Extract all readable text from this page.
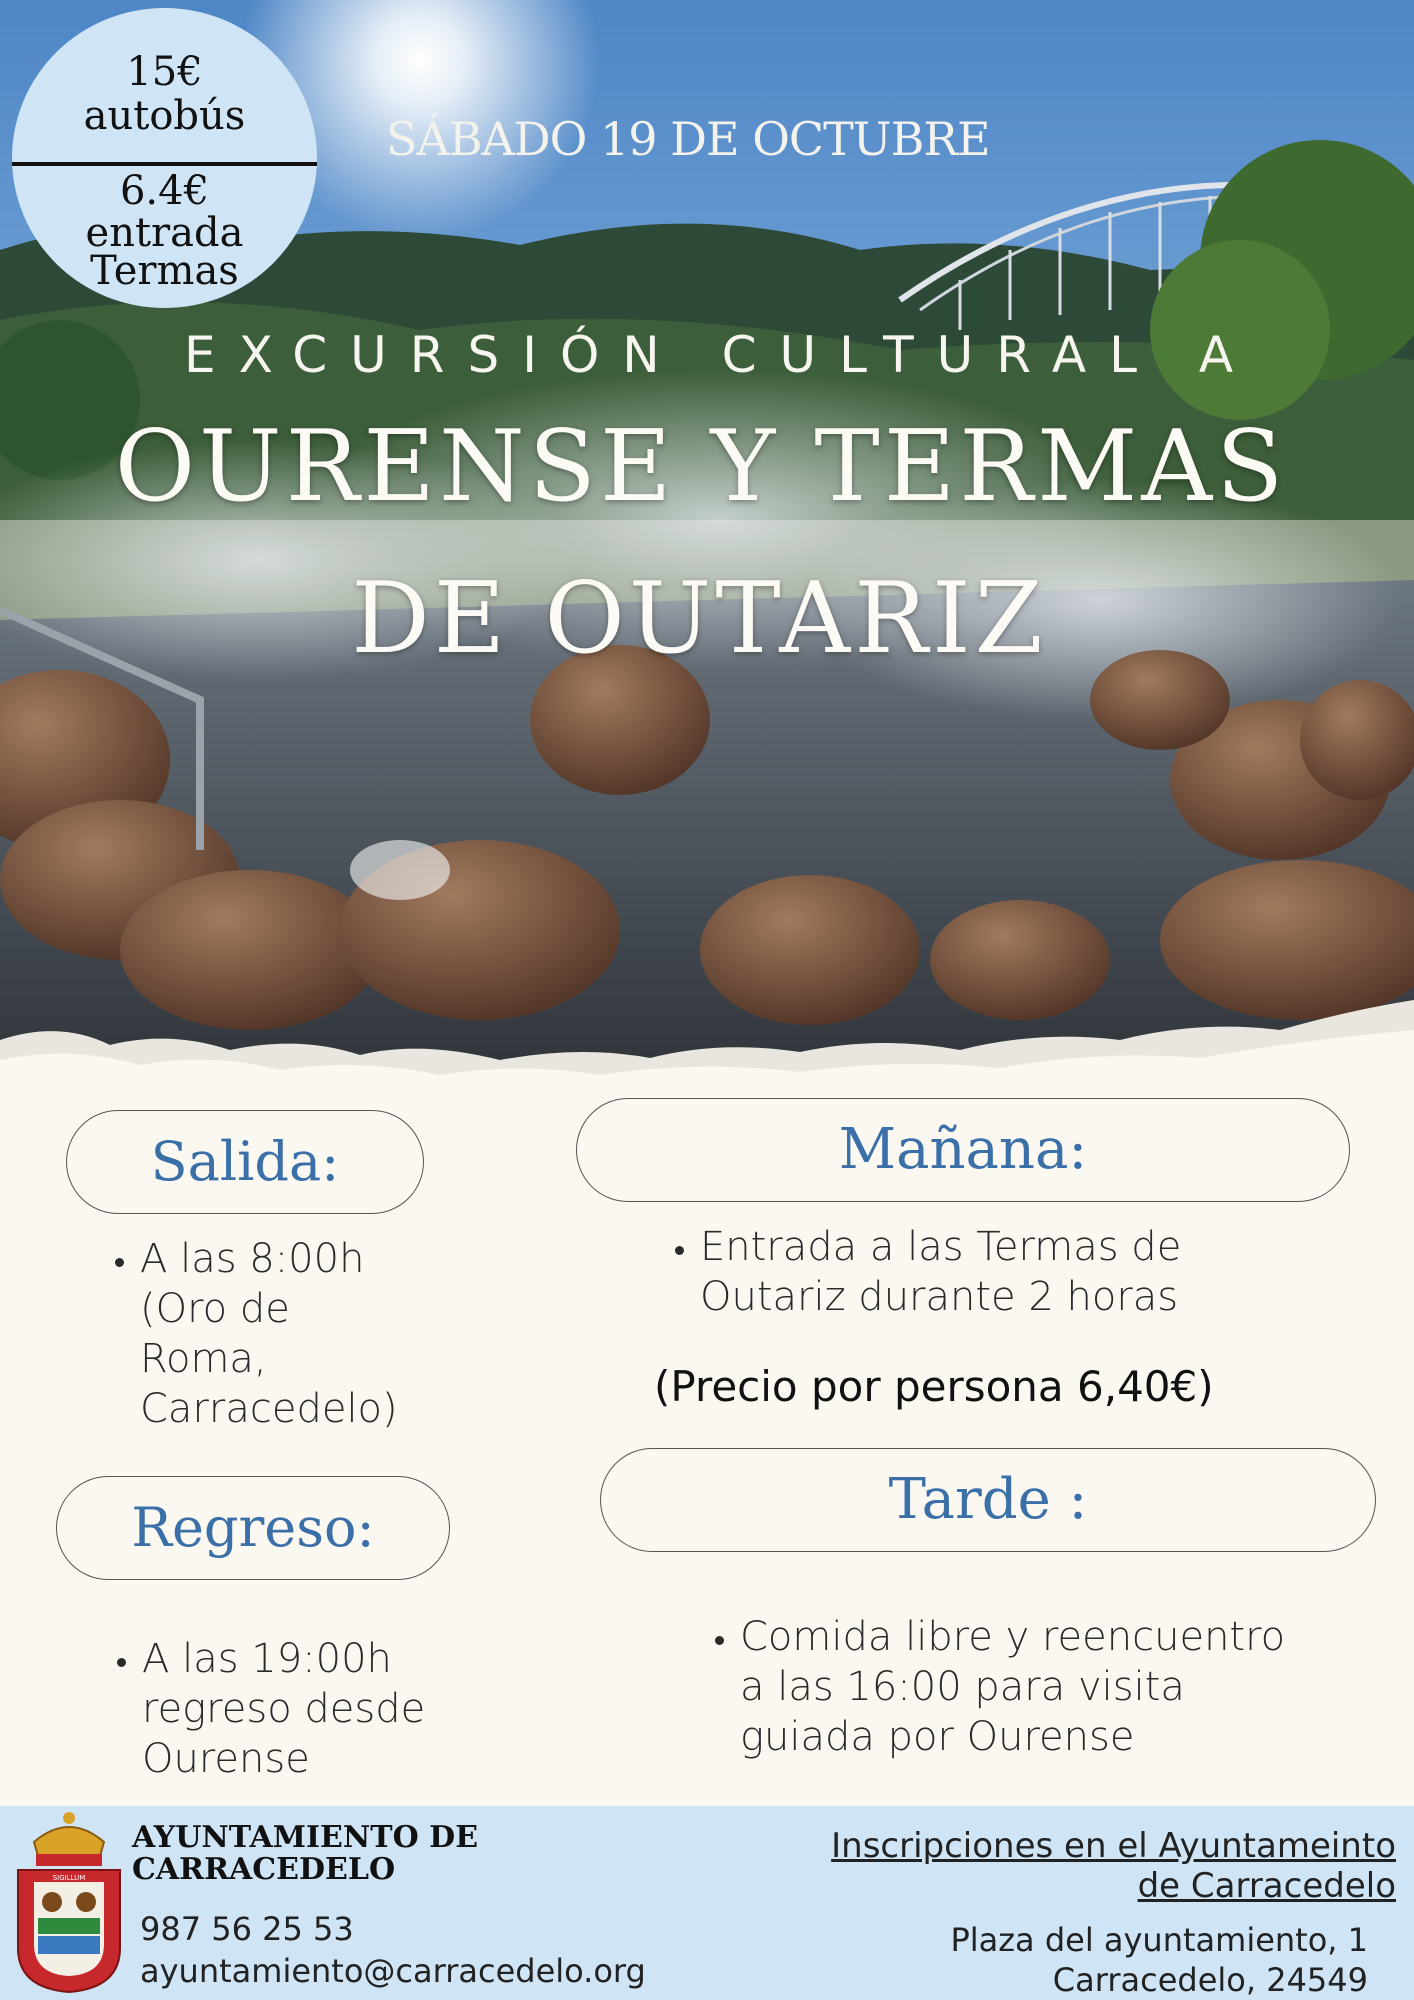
15€
autobús
6.4€
entrada
Termas
SÁBADO 19 DE OCTUBRE
EXCURSIÓN CULTURAL A
OURENSE Y TERMAS
DE OUTARIZ
Salida:
• A las 8:00h
(Oro de
Roma,
Carracedelo)
Regreso:
• A las 19:00h
regreso desde
Ourense
Mañana:
• Entrada a las Termas de
Outariz durante 2 horas
(Precio por persona 6,40€)
Tarde :
• Comida libre y reencuentro
a las 16:00 para visita
guiada por Ourense
SIGILLUM
AYUNTAMIENTO DE
CARRACEDELO
987 56 25 53
ayuntamiento@carracedelo.org
Inscripciones en el Ayuntameinto
de Carracedelo
Plaza del ayuntamiento, 1
Carracedelo, 24549
